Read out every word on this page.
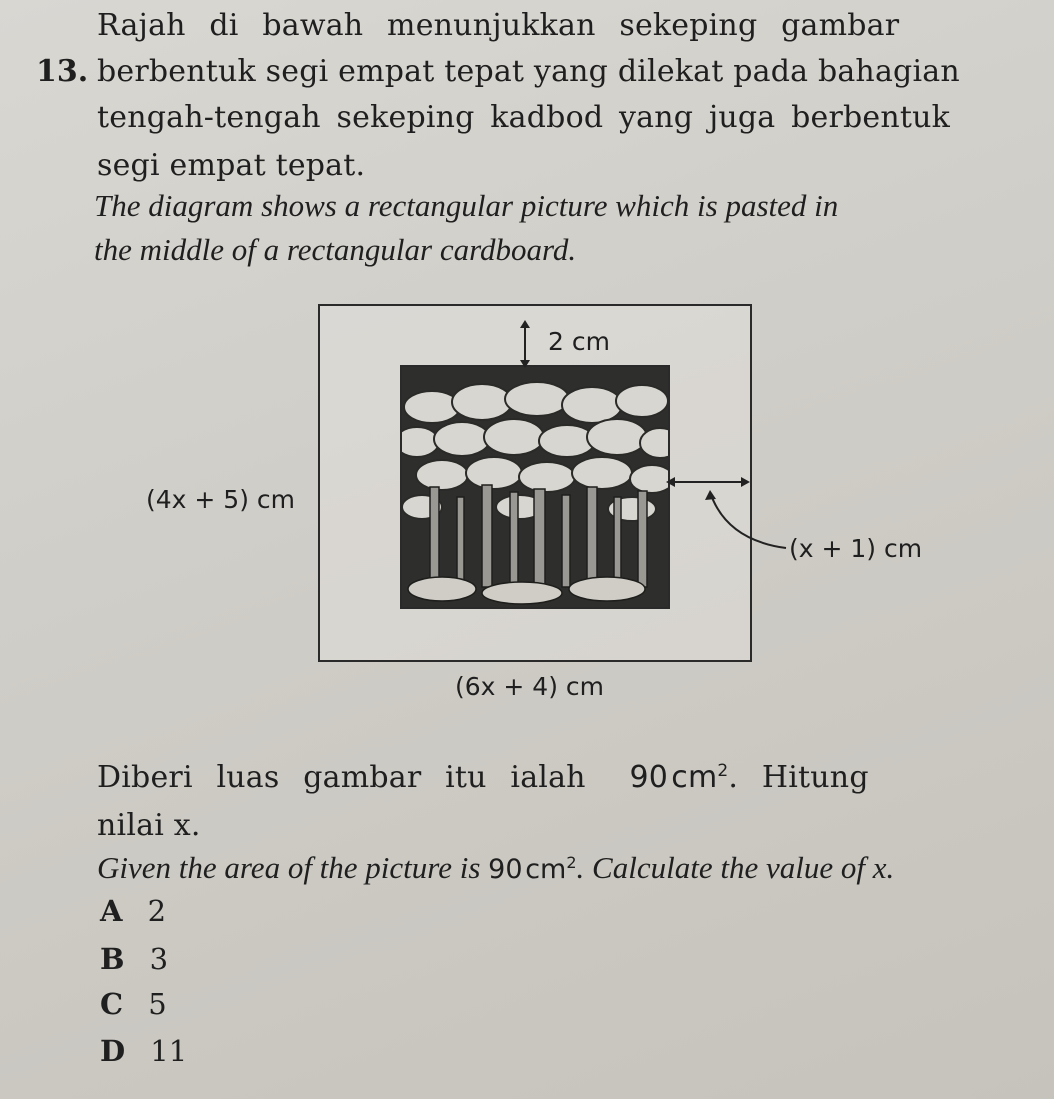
13.
Rajah di bawah menunjukkan sekeping gambar
berbentuk segi empat tepat yang dilekat pada bahagian
tengah-tengah sekeping kadbod yang juga berbentuk
segi empat tepat.
The diagram shows a rectangular picture which is pasted in
the middle of a rectangular cardboard.
2 cm
(x + 1) cm
(4x + 5) cm
(6x + 4) cm
Diberi luas gambar itu ialah 90  $cm^2$. Hitung
nilai x.
Given the area of the picture is 90  $cm^2$. Calculate the value of x.
A 2
B 3
C 5
D 11
